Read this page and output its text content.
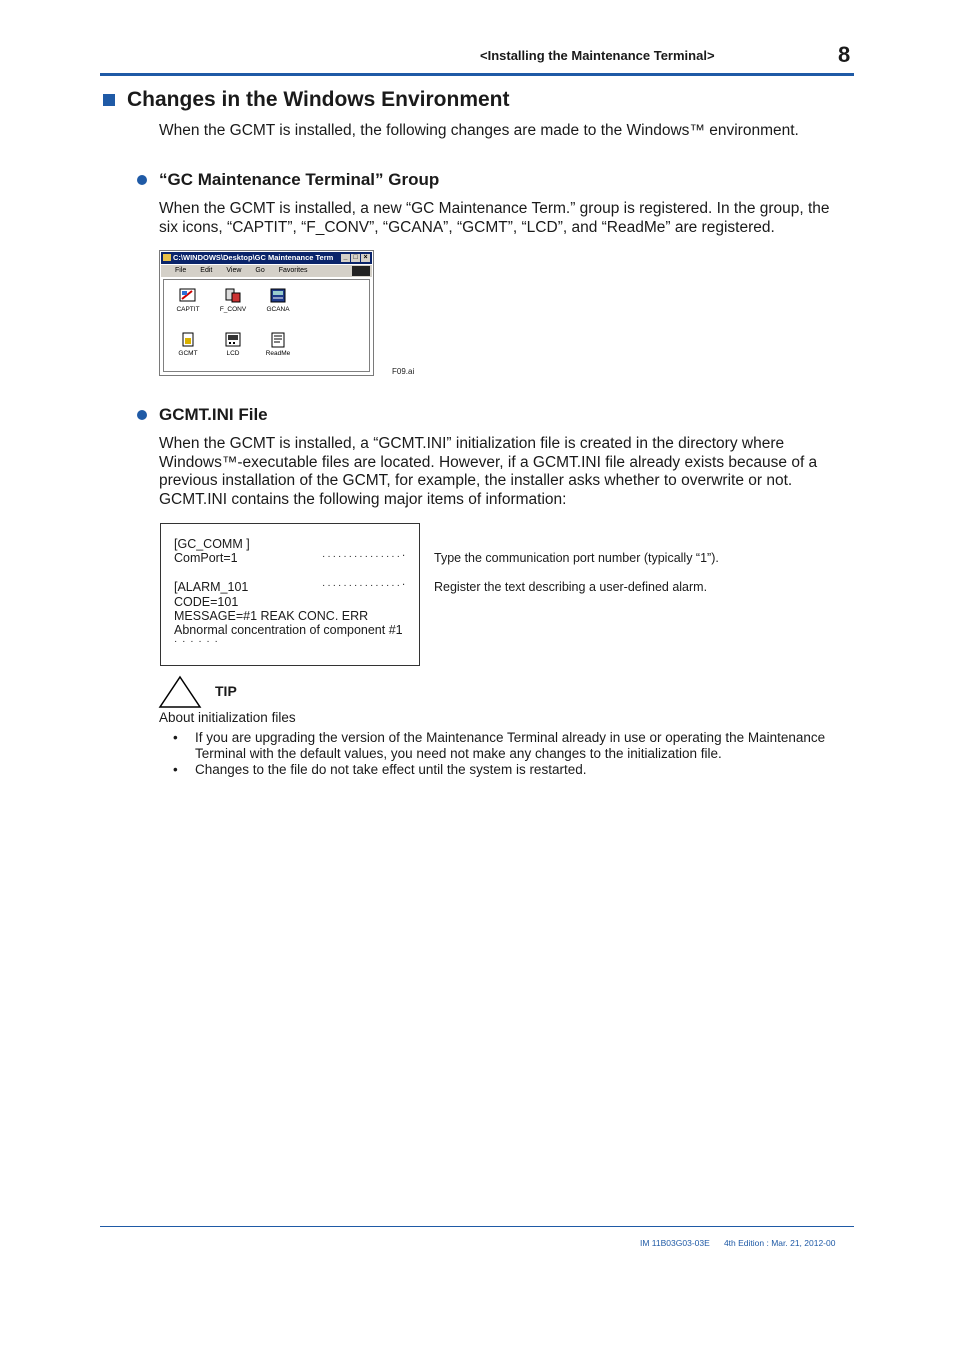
<Installing the Maintenance Terminal>	8
Changes in the Windows Environment
When the GCMT is installed, the following changes are made to the Windows™ environment.
“GC Maintenance Terminal” Group
When the GCMT is installed, a new “GC Maintenance Term.” group is registered. In the group, the six icons, “CAPTIT”, “F_CONV”, “GCANA”, “GCMT”, “LCD”, and “ReadMe” are registered.
C:\WINDOWS\Desktop\GC Maintenance Term	_ □ ×
File Edit View Go Favorites
CAPTIT	F_CONV	GCANA
GCMT	LCD	ReadMe
F09.ai
GCMT.INI File
When the GCMT is installed, a “GCMT.INI” initialization file is created in the directory where Windows™-executable files are located. However, if a GCMT.INI file already exists because of a previous installation of the GCMT, for example, the installer asks whether to overwrite or not. GCMT.INI contains the following major items of information:
[GC_COMM ]
ComPort=1
[ALARM_101
CODE=101
MESSAGE=#1 REAK CONC. ERR
Abnormal concentration of component #1
· · · · · ·
···············‧
···············‧
Type the communication port number (typically “1”).
Register the text describing a user-defined alarm.
TIP
About initialization files
• If you are upgrading the version of the Maintenance Terminal already in use or operating the Maintenance Terminal with the default values, you need not make any changes to the initialization file.
• Changes to the file do not take effect until the system is restarted.
IM 11B03G03-03E 4th Edition : Mar. 21, 2012-00
